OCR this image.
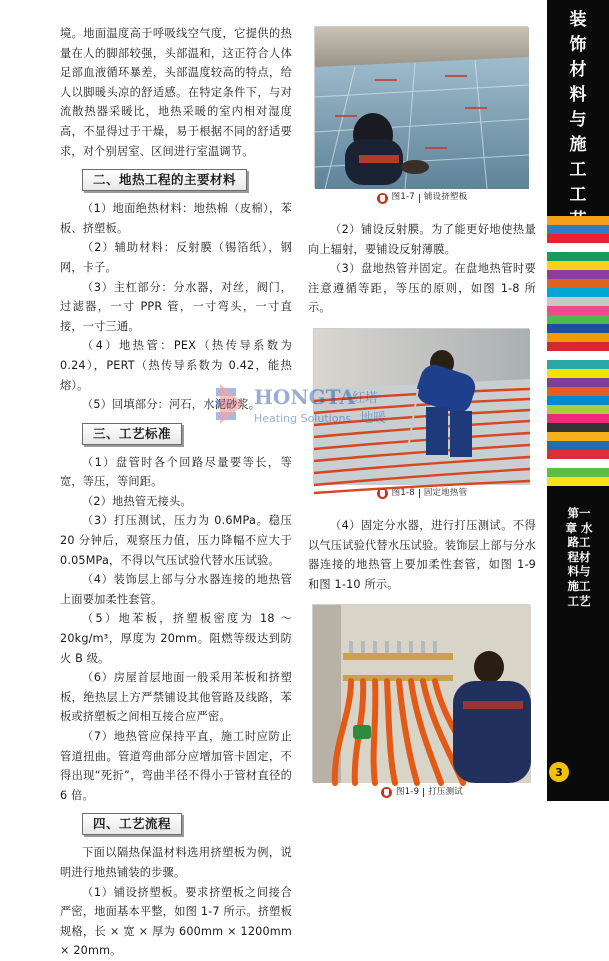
境。地面温度高于呼吸线空气度，它提供的热量在人的脚部较强，头部温和，这正符合人体足部血液循环暴差，头部温度较高的特点，给人以脚暖头凉的舒适感。在特定条件下，与对流散热器采暖比，地热采暖的室内相对湿度高，不显得过于干燥，易于根据不同的舒适要求，对个别居室、区间进行室温调节。

二、地热工程的主要材料

（1）地面绝热材料：地热棉（皮棉），苯板、挤塑板。

（2）辅助材料：反射膜（锡箔纸），钢网，卡子。

（3）主杠部分：分水器，对丝，阀门，过滤器，一寸 PPR 管，一寸弯头，一寸直接，一寸三通。

（4）地热管：PEX（热传导系数为 0.24），PERT（热传导系数为 0.42，能热熔）。

（5）回填部分：河石，水泥砂浆。

三、工艺标准

（1）盘管时各个回路尽量要等长，等宽，等压，等间距。

（2）地热管无接头。

（3）打压测试，压力为 0.6MPa。稳压 20 分钟后，观察压力值，压力降幅不应大于 0.05MPa，不得以气压试验代替水压试验。

（4）装饰层上部与分水器连接的地热管上面要加柔性套管。

（5）地苯板，挤塑板密度为 18 ～ 20kg/m³，厚度为 20mm。阻燃等级达到防火 B 级。

（6）房屋首层地面一般采用苯板和挤塑板，绝热层上方严禁铺设其他管路及线路，苯板或挤塑板之间相互接合应严密。

（7）地热管应保持平直，施工时应防止管道扭曲。管道弯曲部分应增加管卡固定，不得出现“死折”，弯曲半径不得小于管材直径的 6 倍。

四、工艺流程

下面以隔热保温材料选用挤塑板为例，说明进行地热铺装的步骤。

（1）铺设挤塑板。要求挤塑板之间接合严密，地面基本平整，如图 1-7 所示。挤塑板规格，长 × 宽 × 厚为 600mm × 1200mm × 20mm。

图1-7 铺设挤塑板

（2）铺设反射膜。为了能更好地使热量向上辐射，要铺设反射薄膜。

（3）盘地热管并固定。在盘地热管时要注意遵循等距，等压的原则，如图 1-8 所示。

图1-8 固定地热管

（4）固定分水器，进行打压测试。不得以气压试验代替水压试验。装饰层上部与分水器连接的地热管上要加柔性套管，如图 1-9 和图 1-10 所示。

图1-9 打压测试
HONGTA
红塔
Heating Solutions 地暖
装
饰
材
料
与
施
工
工
第一章 水路工程材料与施工工艺
3
